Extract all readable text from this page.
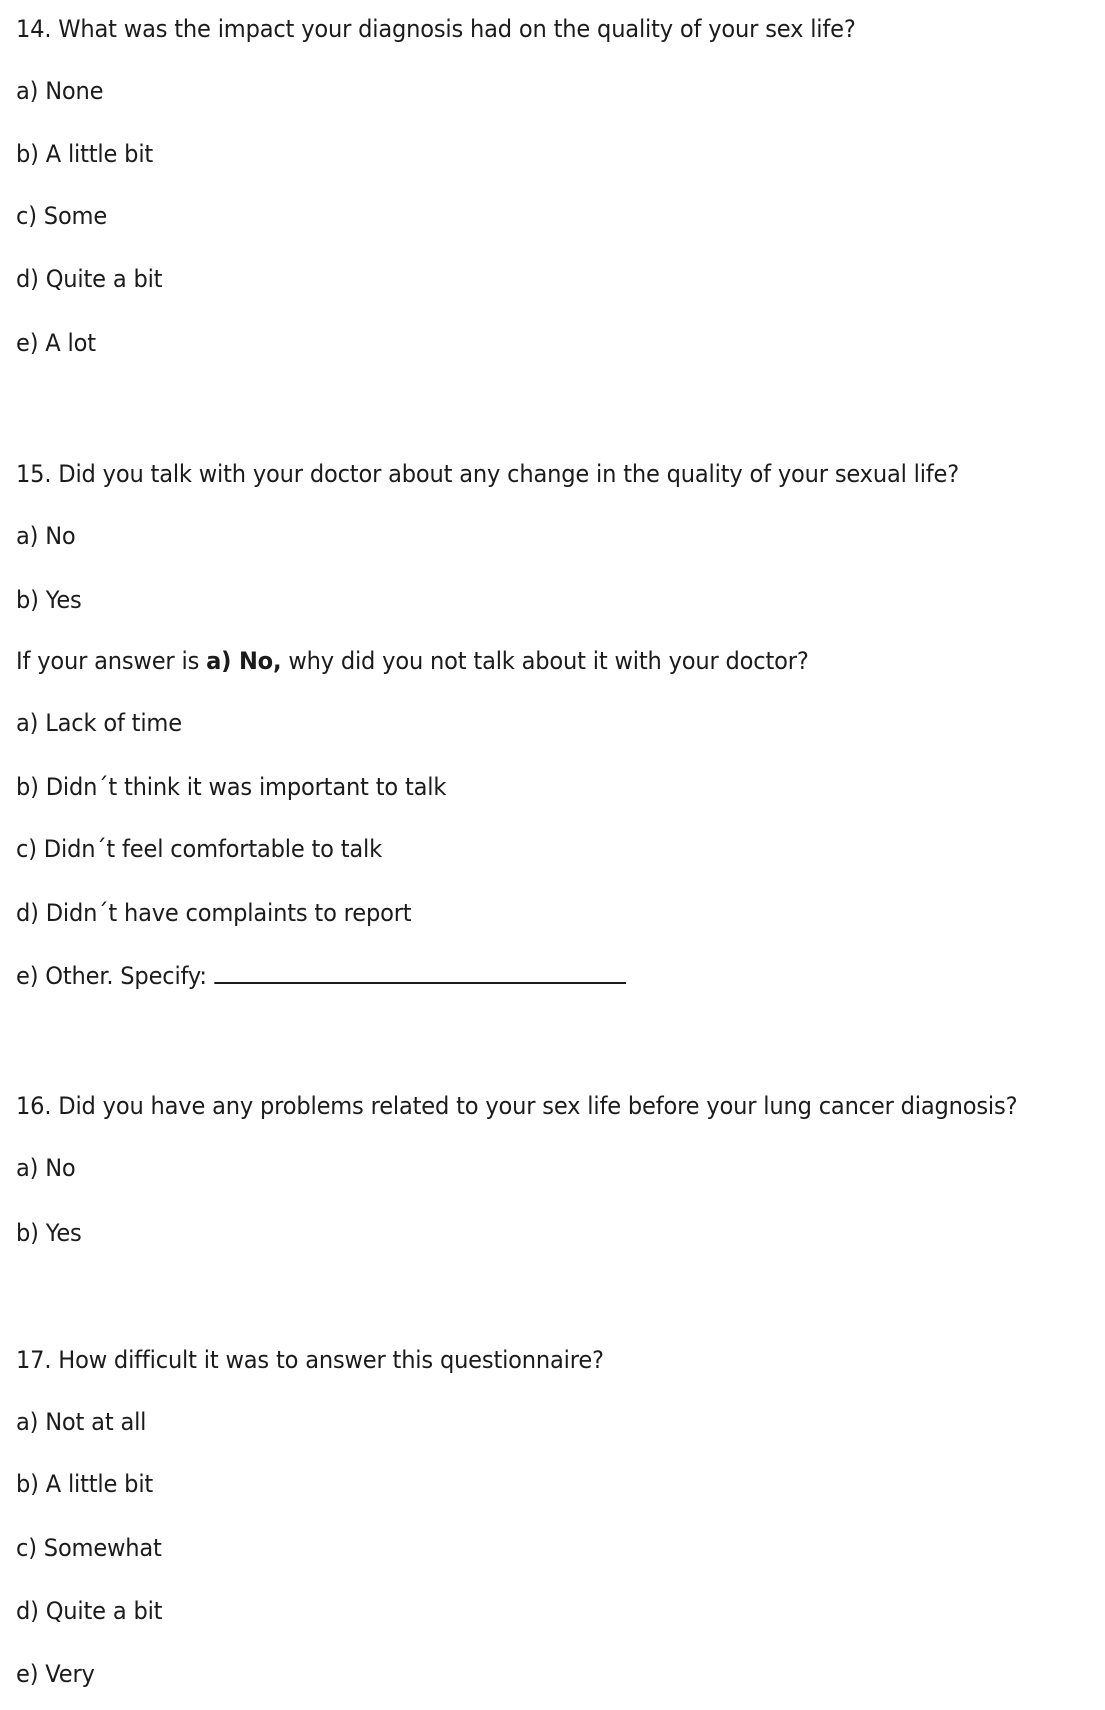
14. What was the impact your diagnosis had on the quality of your sex life?
a) None
b) A little bit
c) Some
d) Quite a bit
e) A lot
15. Did you talk with your doctor about any change in the quality of your sexual life?
a) No
b) Yes
If your answer is a) No, why did you not talk about it with your doctor?
a) Lack of time
b) Didn´t think it was important to talk
c) Didn´t feel comfortable to talk
d) Didn´t have complaints to report
e) Other. Specify:
16. Did you have any problems related to your sex life before your lung cancer diagnosis?
a) No
b) Yes
17. How difficult it was to answer this questionnaire?
a) Not at all
b) A little bit
c) Somewhat
d) Quite a bit
e) Very
